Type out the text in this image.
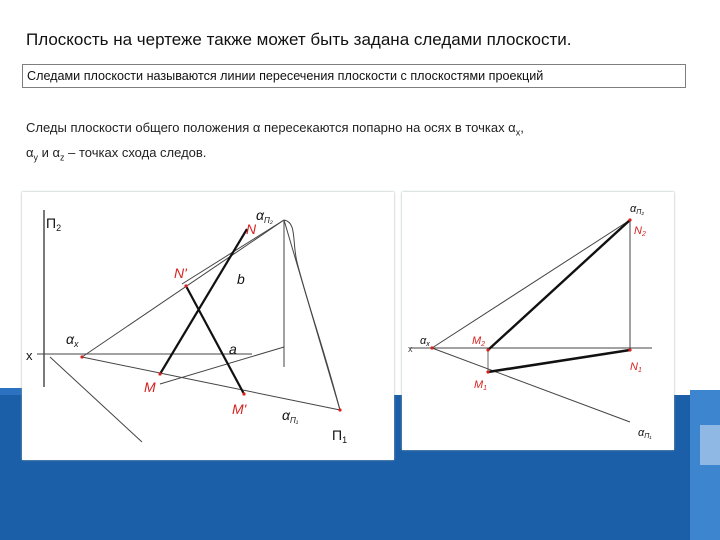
Плоскость на чертеже также может быть задана следами плоскости.
Следами плоскости называются линии пересечения плоскости с плоскостями проекций
Следы плоскости общего положения α пересекаются попарно на осях в точках $\alpha_x$,
$\alpha_y$ и $\alpha_z$ – точках схода следов.
$П_2$
x
$\alpha_x$
$\alpha_{П_2}$
N
N'	b
a
M
M'	$\alpha_{П_1}$
$П_1$
x
αx
αП₂
N2
N1
M2
M1
αП₁
